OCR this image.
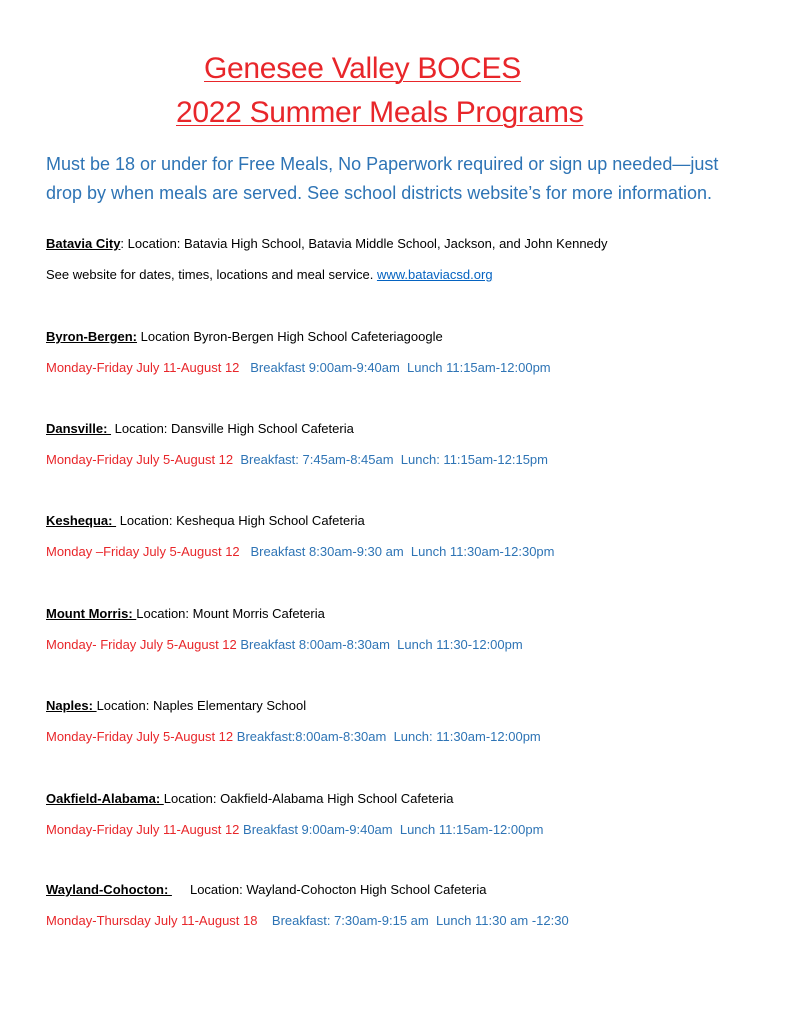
Genesee Valley BOCES
2022 Summer Meals Programs
Must be 18 or under for Free Meals, No Paperwork required or sign up needed—just drop by when meals are served. See school districts website’s for more information.
Batavia City: Location: Batavia High School, Batavia Middle School, Jackson, and John Kennedy
See website for dates, times, locations and meal service. www.bataviacsd.org
Byron-Bergen: Location Byron-Bergen High School Cafeteriagoogle
Monday-Friday July 11-August 12   Breakfast 9:00am-9:40am  Lunch 11:15am-12:00pm
Dansville:  Location: Dansville High School Cafeteria
Monday-Friday July 5-August 12  Breakfast: 7:45am-8:45am  Lunch: 11:15am-12:15pm
Keshequa:  Location: Keshequa High School Cafeteria
Monday –Friday July 5-August 12   Breakfast 8:30am-9:30 am  Lunch 11:30am-12:30pm
Mount Morris: Location: Mount Morris Cafeteria
Monday- Friday July 5-August 12 Breakfast 8:00am-8:30am  Lunch 11:30-12:00pm
Naples: Location: Naples Elementary School
Monday-Friday July 5-August 12 Breakfast:8:00am-8:30am  Lunch: 11:30am-12:00pm
Oakfield-Alabama: Location: Oakfield-Alabama High School Cafeteria
Monday-Friday July 11-August 12 Breakfast 9:00am-9:40am  Lunch 11:15am-12:00pm
Wayland-Cohocton:      Location: Wayland-Cohocton High School Cafeteria
Monday-Thursday July 11-August 18    Breakfast: 7:30am-9:15 am  Lunch 11:30 am -12:30
